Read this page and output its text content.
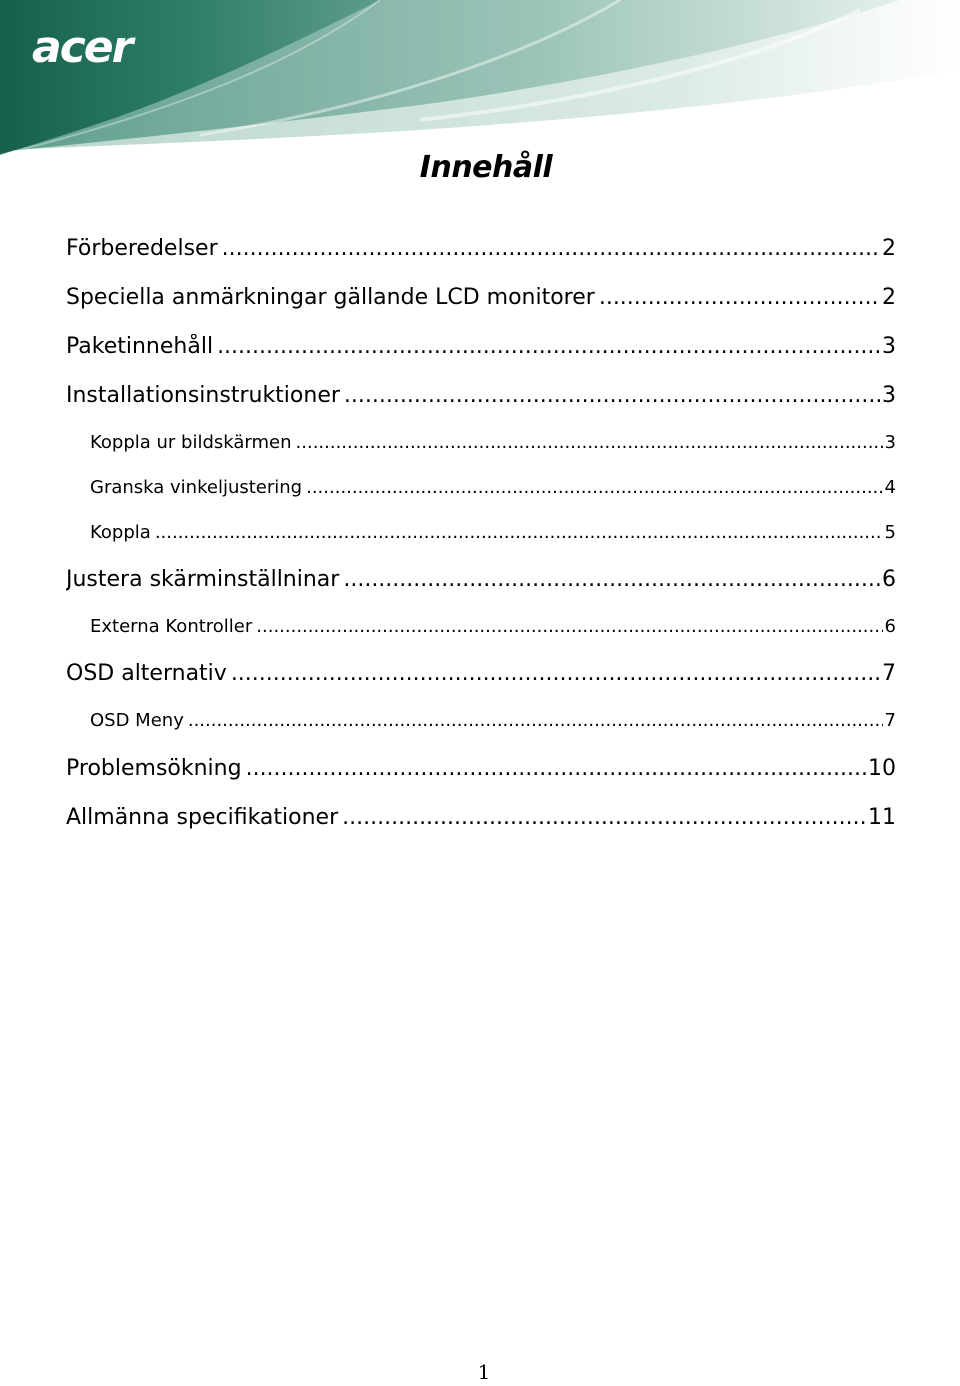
acer
Innehåll
Förberedelser .....	2
Speciella anmärkningar gällande LCD monitorer .....	2
Paketinnehåll .....	3
Installationsinstruktioner .....	3
Koppla ur bildskärmen .....	3
Granska vinkeljustering .....	4
Koppla .....	5
Justera skärminställninar .....	6
Externa Kontroller .....	6
OSD alternativ .....	7
OSD Meny .....	7
Problemsökning .....	10
Allmänna specifikationer .....	11
1
